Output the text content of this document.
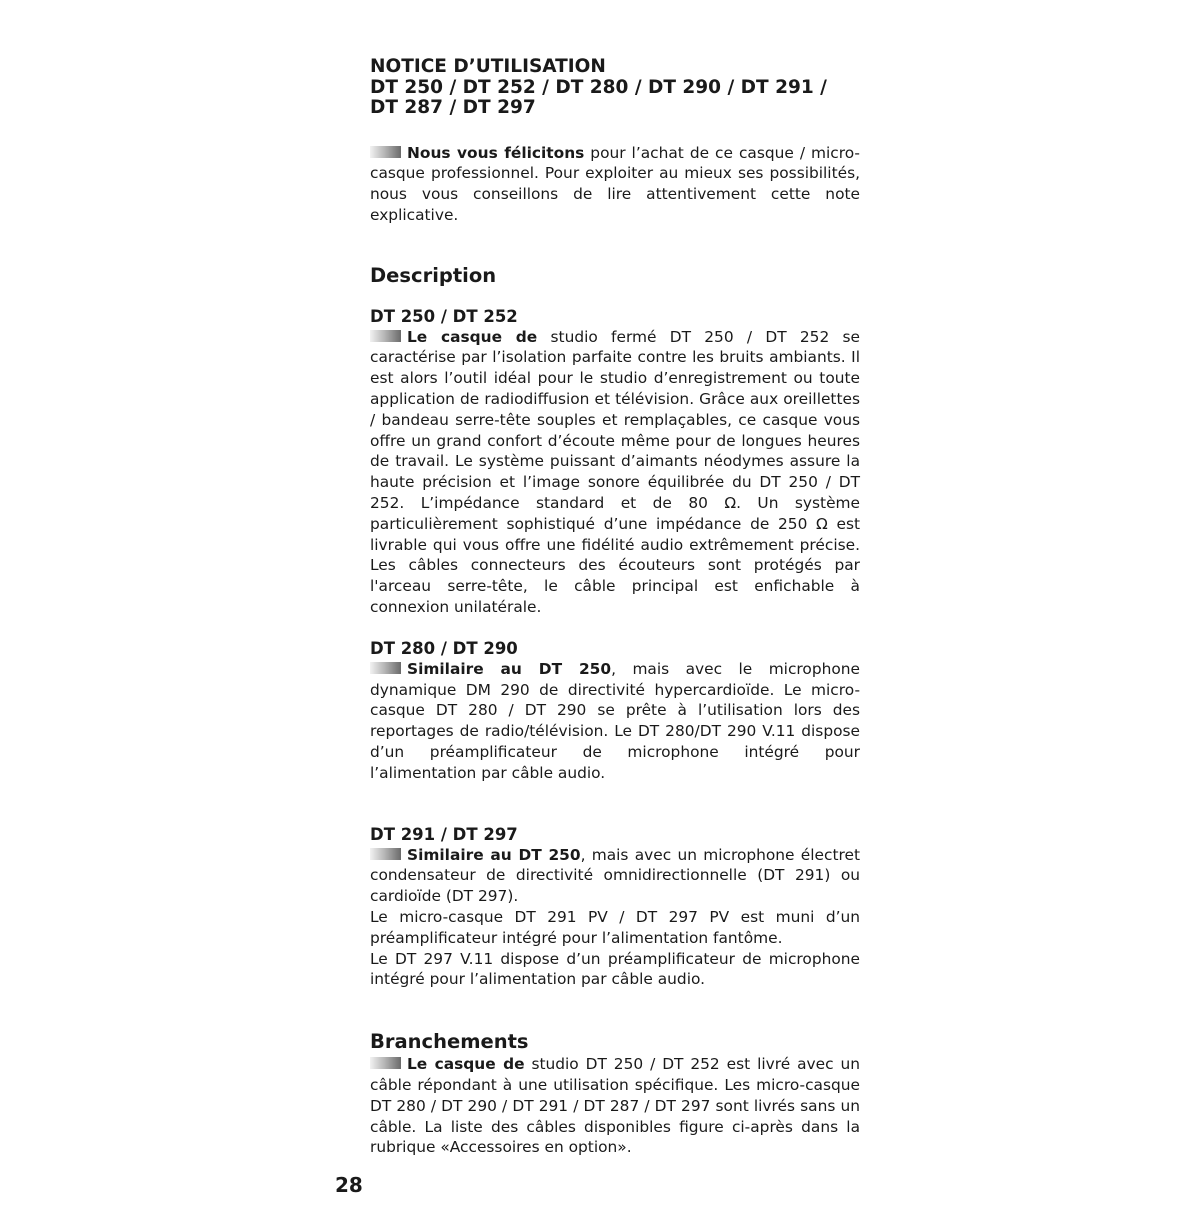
NOTICE D’UTILISATION
DT 250 / DT 252 / DT 280 / DT 290 / DT 291 /
DT 287 / DT 297

Nous vous félicitons pour l’achat de ce casque / micro-casque professionnel. Pour exploiter au mieux ses possibilités, nous vous conseillons de lire attentivement cette note explicative.

Description
DT 250 / DT 252

Le casque de studio fermé DT 250 / DT 252 se caractérise par l’isolation parfaite contre les bruits ambiants. Il est alors l’outil idéal pour le studio d’enregistrement ou toute application de radiodiffusion et télévision. Grâce aux oreillettes / bandeau serre-tête souples et remplaçables, ce casque vous offre un grand confort d’écoute même pour de longues heures de travail. Le système puissant d’aimants néodymes assure la haute précision et l’image sonore équilibrée du DT 250 / DT 252. L’impédance standard et de 80 Ω. Un système particulièrement sophistiqué d’une impédance de 250 Ω est livrable qui vous offre une fidélité audio extrêmement précise. Les câbles connecteurs des écouteurs sont protégés par l'arceau serre-tête, le câble principal est enfichable à connexion unilatérale.

DT 280 / DT 290

Similaire au DT 250, mais avec le microphone dynamique DM 290 de directivité hypercardioïde. Le micro-casque DT 280 / DT 290 se prête à l’utilisation lors des reportages de radio/télévision. Le DT 280/DT 290 V.11 dispose d’un préamplificateur de microphone intégré pour l’alimentation par câble audio.

DT 291 / DT 297

Similaire au DT 250, mais avec un microphone électret condensateur de directivité omnidirectionnelle (DT 291) ou cardioïde (DT 297).

Le micro-casque DT 291 PV / DT 297 PV est muni d’un préamplificateur intégré pour l’alimentation fantôme.

Le DT 297 V.11 dispose d’un préamplificateur de microphone intégré pour l’alimentation par câble audio.

Branchements

Le casque de studio DT 250 / DT 252 est livré avec un câble répondant à une utilisation spécifique. Les micro-casque DT 280 / DT 290 / DT 291 / DT 287 / DT 297 sont livrés sans un câble. La liste des câbles disponibles figure ci-après dans la rubrique «Accessoires en option».

28
